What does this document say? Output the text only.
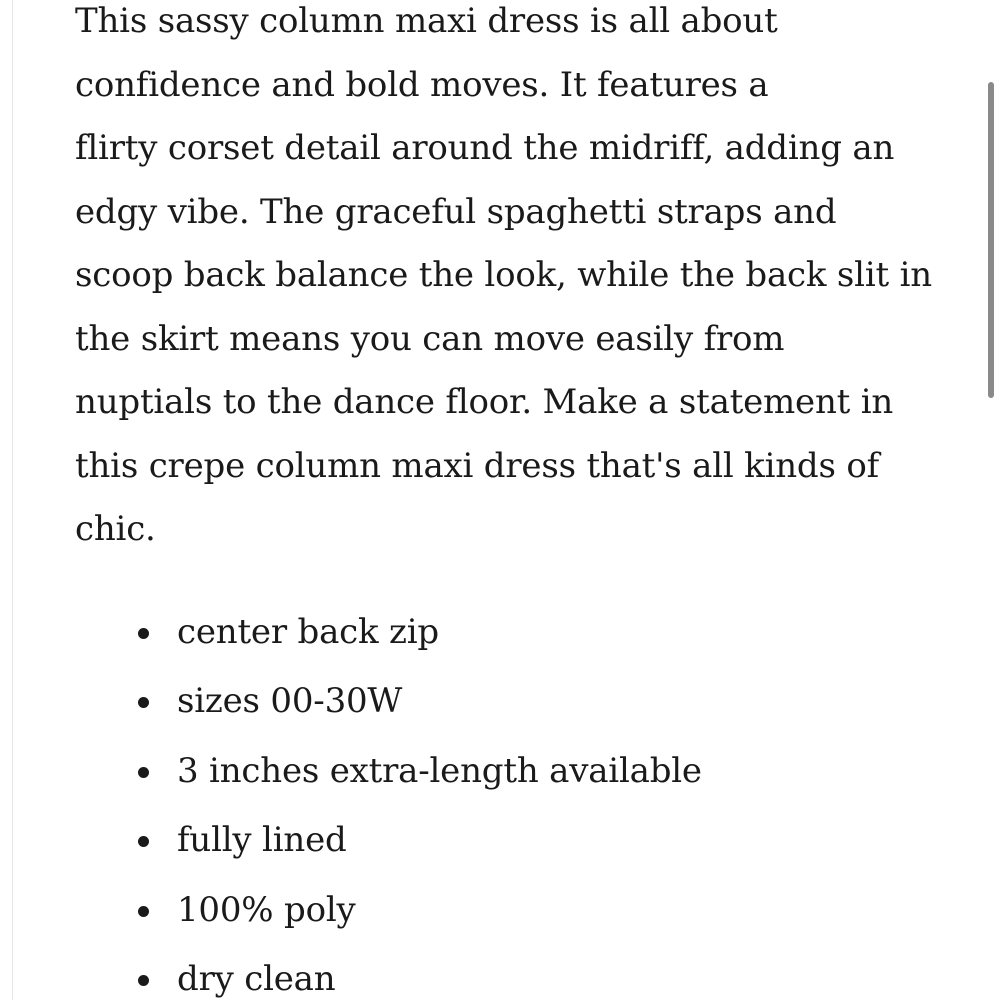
This sassy column maxi dress is all about
confidence and bold moves. It features a
flirty corset detail around the midriff, adding an
edgy vibe. The graceful spaghetti straps and
scoop back balance the look, while the back slit in
the skirt means you can move easily from
nuptials to the dance floor. Make a statement in
this crepe column maxi dress that's all kinds of
chic.

center back zip
sizes 00-30W
3 inches extra-length available
fully lined
100% poly
dry clean
